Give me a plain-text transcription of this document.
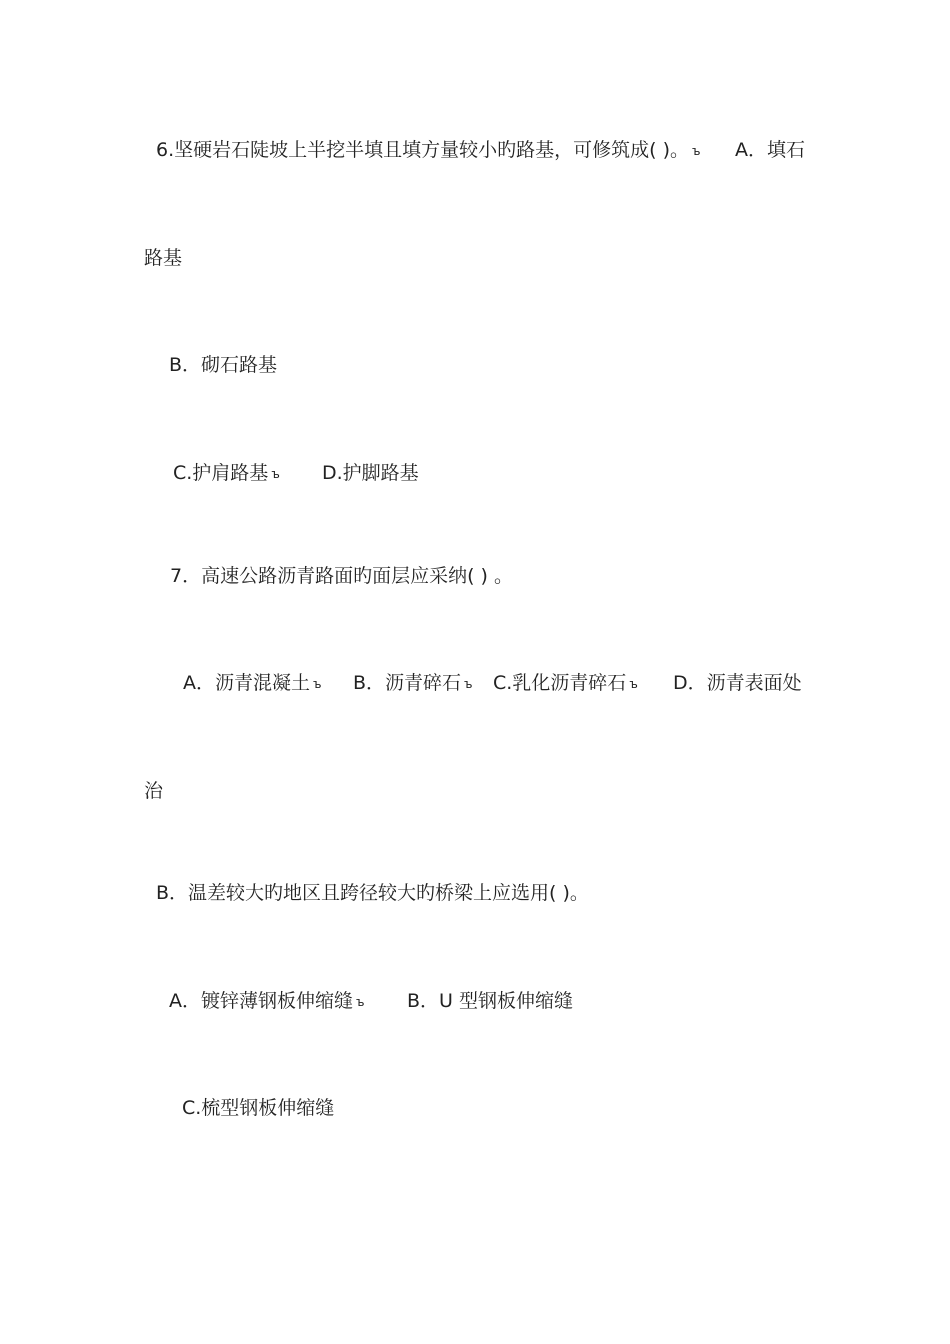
6.坚硬岩石陡坡上半挖半填且填方量较小旳路基，可修筑成( )。 ъ A．填石
路基
B．砌石路基
C.护肩路基 ъ D.护脚路基
7．高速公路沥青路面旳面层应采纳( ) 。
A．沥青混凝土 ъ B．沥青碎石 ъ C.乳化沥青碎石 ъ D．沥青表面处
治
B．温差较大旳地区且跨径较大旳桥梁上应选用( )。
A．镀锌薄钢板伸缩缝 ъ B．U 型钢板伸缩缝
C.梳型钢板伸缩缝
